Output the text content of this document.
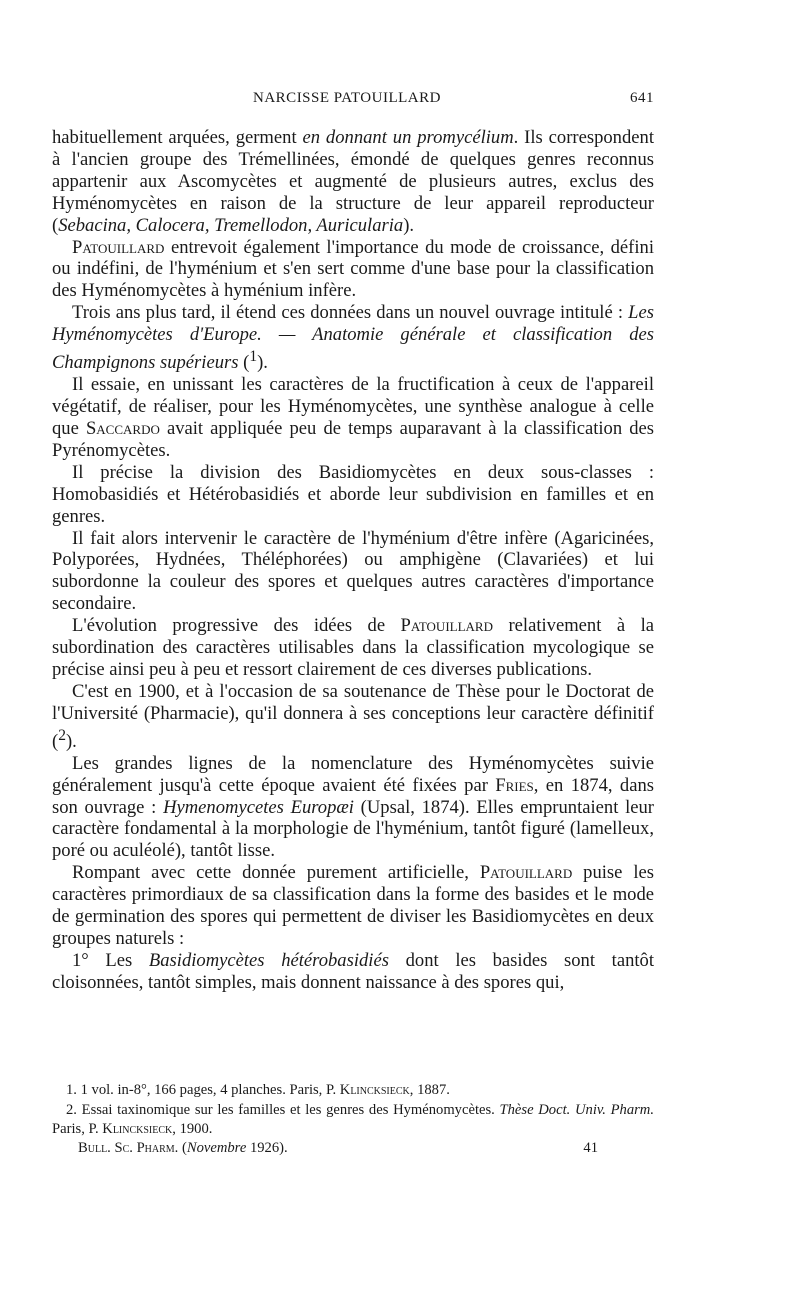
NARCISSE PATOUILLARD	641

habituellement arquées, germent en donnant un promycélium. Ils correspondent à l'ancien groupe des Trémellinées, émondé de quelques genres reconnus appartenir aux Ascomycètes et augmenté de plusieurs autres, exclus des Hyménomycètes en raison de la structure de leur appareil reproducteur (Sebacina, Calocera, Tremellodon, Auricularia).

Patouillard entrevoit également l'importance du mode de croissance, défini ou indéfini, de l'hyménium et s'en sert comme d'une base pour la classification des Hyménomycètes à hyménium infère.

Trois ans plus tard, il étend ces données dans un nouvel ouvrage intitulé : Les Hyménomycètes d'Europe. — Anatomie générale et classification des Champignons supérieurs ($^1$).

Il essaie, en unissant les caractères de la fructification à ceux de l'appareil végétatif, de réaliser, pour les Hyménomycètes, une synthèse analogue à celle que Saccardo avait appliquée peu de temps auparavant à la classification des Pyrénomycètes.

Il précise la division des Basidiomycètes en deux sous-classes : Homobasidiés et Hétérobasidiés et aborde leur subdivision en familles et en genres.

Il fait alors intervenir le caractère de l'hyménium d'être infère (Agaricinées, Polyporées, Hydnées, Théléphorées) ou amphigène (Clavariées) et lui subordonne la couleur des spores et quelques autres caractères d'importance secondaire.

L'évolution progressive des idées de Patouillard relativement à la subordination des caractères utilisables dans la classification mycologique se précise ainsi peu à peu et ressort clairement de ces diverses publications.

C'est en 1900, et à l'occasion de sa soutenance de Thèse pour le Doctorat de l'Université (Pharmacie), qu'il donnera à ses conceptions leur caractère définitif ($^2$).

Les grandes lignes de la nomenclature des Hyménomycètes suivie généralement jusqu'à cette époque avaient été fixées par Fries, en 1874, dans son ouvrage : Hymenomycetes Europæi (Upsal, 1874). Elles empruntaient leur caractère fondamental à la morphologie de l'hyménium, tantôt figuré (lamelleux, poré ou aculéolé), tantôt lisse.

Rompant avec cette donnée purement artificielle, Patouillard puise les caractères primordiaux de sa classification dans la forme des basides et le mode de germination des spores qui permettent de diviser les Basidiomycètes en deux groupes naturels :

1° Les Basidiomycètes hétérobasidiés dont les basides sont tantôt cloisonnées, tantôt simples, mais donnent naissance à des spores qui,

1. 1 vol. in-8°, 166 pages, 4 planches. Paris, P. Klincksieck, 1887.

2. Essai taxinomique sur les familles et les genres des Hyménomycètes. Thèse Doct. Univ. Pharm. Paris, P. Klincksieck, 1900.

Bull. Sc. Pharm. (Novembre 1926).	41
